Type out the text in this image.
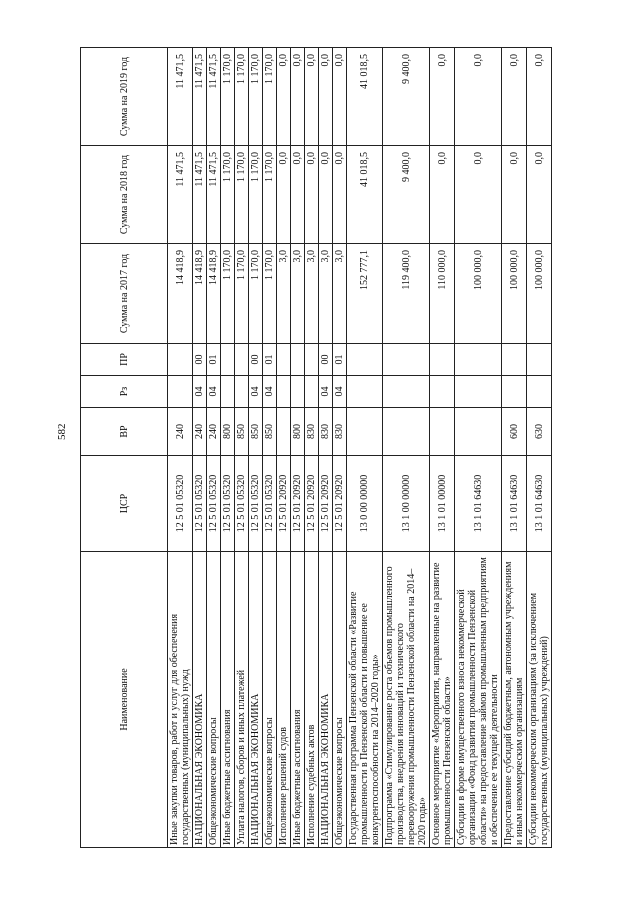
582
Наименование	ЦСР	ВР	Рз	ПР	Сумма на 2017 год	Сумма на 2018 год	Сумма на 2019 год
Иные закупки товаров, работ и услуг для обеспечения государственных (муниципальных) нужд	12 5 01 05320	240			14 418,9	11 471,5	11 471,5
НАЦИОНАЛЬНАЯ ЭКОНОМИКА	12 5 01 05320	240	04	00	14 418,9	11 471,5	11 471,5
Общеэкономические вопросы	12 5 01 05320	240	04	01	14 418,9	11 471,5	11 471,5
Иные бюджетные ассигнования	12 5 01 05320	800			1 170,0	1 170,0	1 170,0
Уплата налогов, сборов и иных платежей	12 5 01 05320	850			1 170,0	1 170,0	1 170,0
НАЦИОНАЛЬНАЯ ЭКОНОМИКА	12 5 01 05320	850	04	00	1 170,0	1 170,0	1 170,0
Общеэкономические вопросы	12 5 01 05320	850	04	01	1 170,0	1 170,0	1 170,0
Исполнение решений судов	12 5 01 20920				3,0	0,0	0,0
Иные бюджетные ассигнования	12 5 01 20920	800			3,0	0,0	0,0
Исполнение судебных актов	12 5 01 20920	830			3,0	0,0	0,0
НАЦИОНАЛЬНАЯ ЭКОНОМИКА	12 5 01 20920	830	04	00	3,0	0,0	0,0
Общеэкономические вопросы	12 5 01 20920	830	04	01	3,0	0,0	0,0
Государственная программа Пензенской области «Развитие промышленности в Пензенской области и повышение ее конкурентоспособности на 2014–2020 годы»	13 0 00 00000				152 777,1	41 018,5	41 018,5
Подпрограмма «Стимулирование роста объемов промышленного производства, внедрения инноваций и технического перевооружения промышленности Пензенской области на 2014–2020 годы»	13 1 00 00000				119 400,0	9 400,0	9 400,0
Основное мероприятие «Мероприятия, направленные на развитие промышленности Пензенской области»	13 1 01 00000				110 000,0	0,0	0,0
Субсидии в форме имущественного взноса некоммерческой организации «Фонд развития промышленности Пензенской области» на предоставление займов промышленным предприятиям и обеспечение ее текущей деятельности	13 1 01 64630				100 000,0	0,0	0,0
Предоставление субсидий бюджетным, автономным учреждениям и иным некоммерческим организациям	13 1 01 64630	600			100 000,0	0,0	0,0
Субсидии некоммерческим организациям (за исключением государственных (муниципальных) учреждений)	13 1 01 64630	630			100 000,0	0,0	0,0
